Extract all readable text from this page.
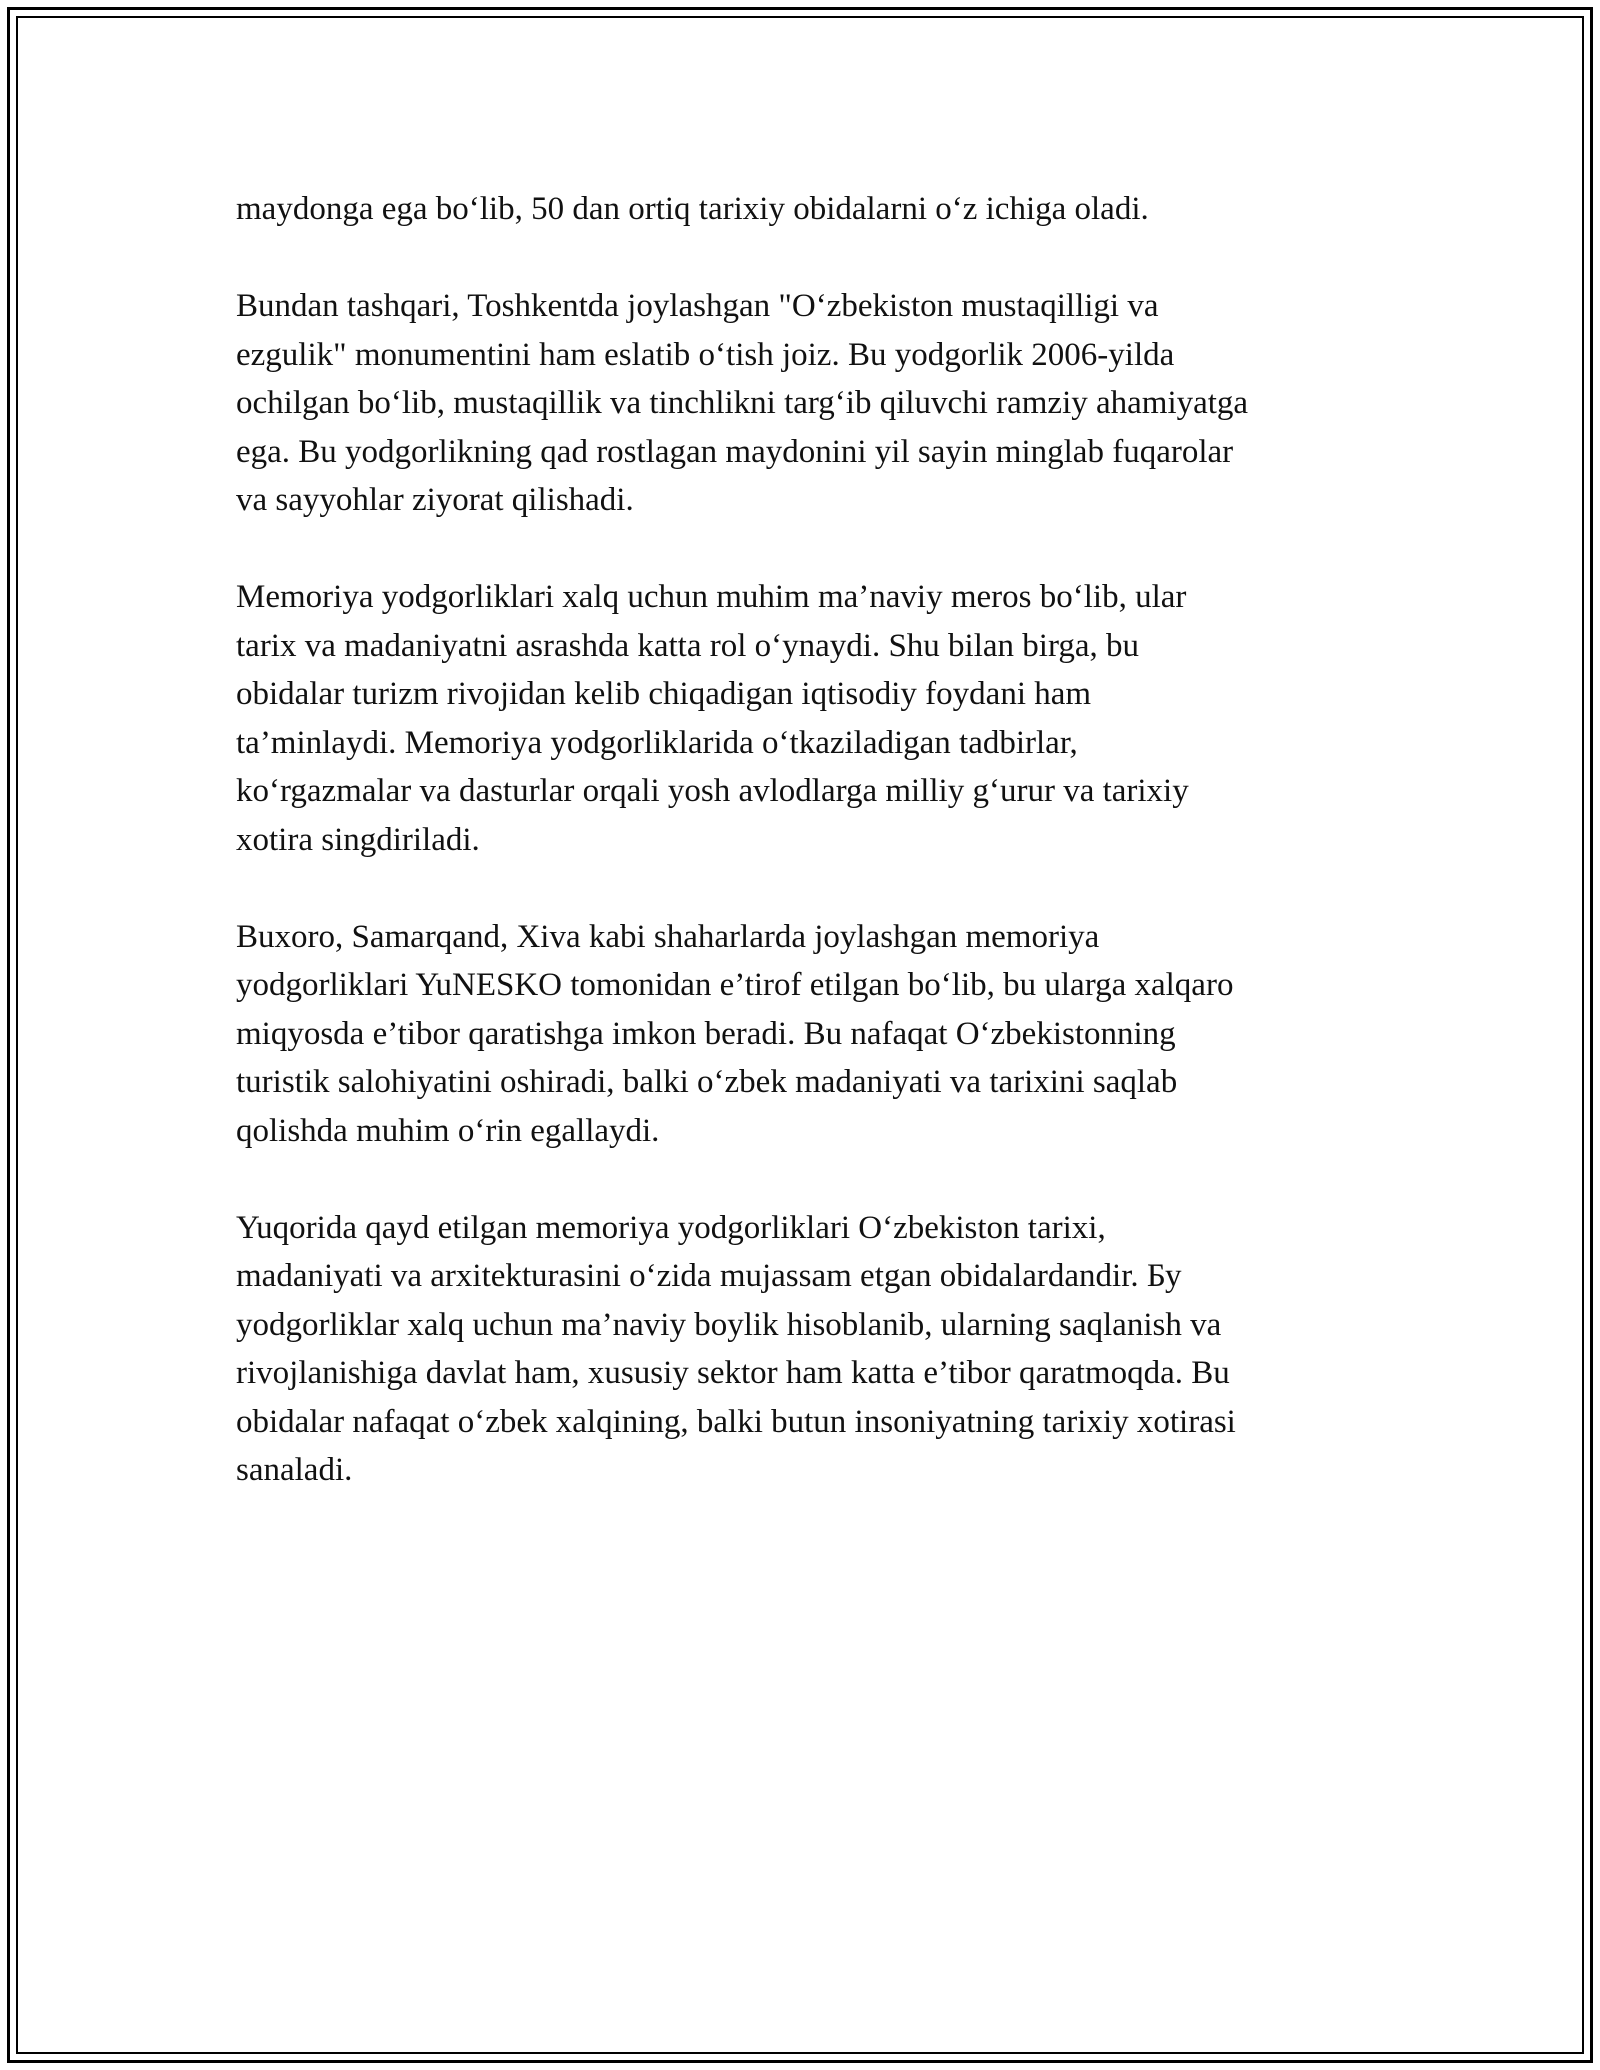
maydonga ega bo‘lib, 50 dan ortiq tarixiy obidalarni o‘z ichiga oladi.

Bundan tashqari, Toshkentda joylashgan "O‘zbekiston mustaqilligi va
ezgulik" monumentini ham eslatib o‘tish joiz. Bu yodgorlik 2006-yilda
ochilgan bo‘lib, mustaqillik va tinchlikni targ‘ib qiluvchi ramziy ahamiyatga
ega. Bu yodgorlikning qad rostlagan maydonini yil sayin minglab fuqarolar
va sayyohlar ziyorat qilishadi.

Memoriya yodgorliklari xalq uchun muhim ma’naviy meros bo‘lib, ular
tarix va madaniyatni asrashda katta rol o‘ynaydi. Shu bilan birga, bu
obidalar turizm rivojidan kelib chiqadigan iqtisodiy foydani ham
ta’minlaydi. Memoriya yodgorliklarida o‘tkaziladigan tadbirlar,
ko‘rgazmalar va dasturlar orqali yosh avlodlarga milliy g‘urur va tarixiy
xotira singdiriladi.

Buxoro, Samarqand, Xiva kabi shaharlarda joylashgan memoriya
yodgorliklari YuNESKO tomonidan e’tirof etilgan bo‘lib, bu ularga xalqaro
miqyosda e’tibor qaratishga imkon beradi. Bu nafaqat O‘zbekistonning
turistik salohiyatini oshiradi, balki o‘zbek madaniyati va tarixini saqlab
qolishda muhim o‘rin egallaydi.

Yuqorida qayd etilgan memoriya yodgorliklari O‘zbekiston tarixi,
madaniyati va arxitekturasini o‘zida mujassam etgan obidalardandir. Бу
yodgorliklar xalq uchun ma’naviy boylik hisoblanib, ularning saqlanish va
rivojlanishiga davlat ham, xususiy sektor ham katta e’tibor qaratmoqda. Bu
obidalar nafaqat o‘zbek xalqining, balki butun insoniyatning tarixiy xotirasi
sanaladi.
